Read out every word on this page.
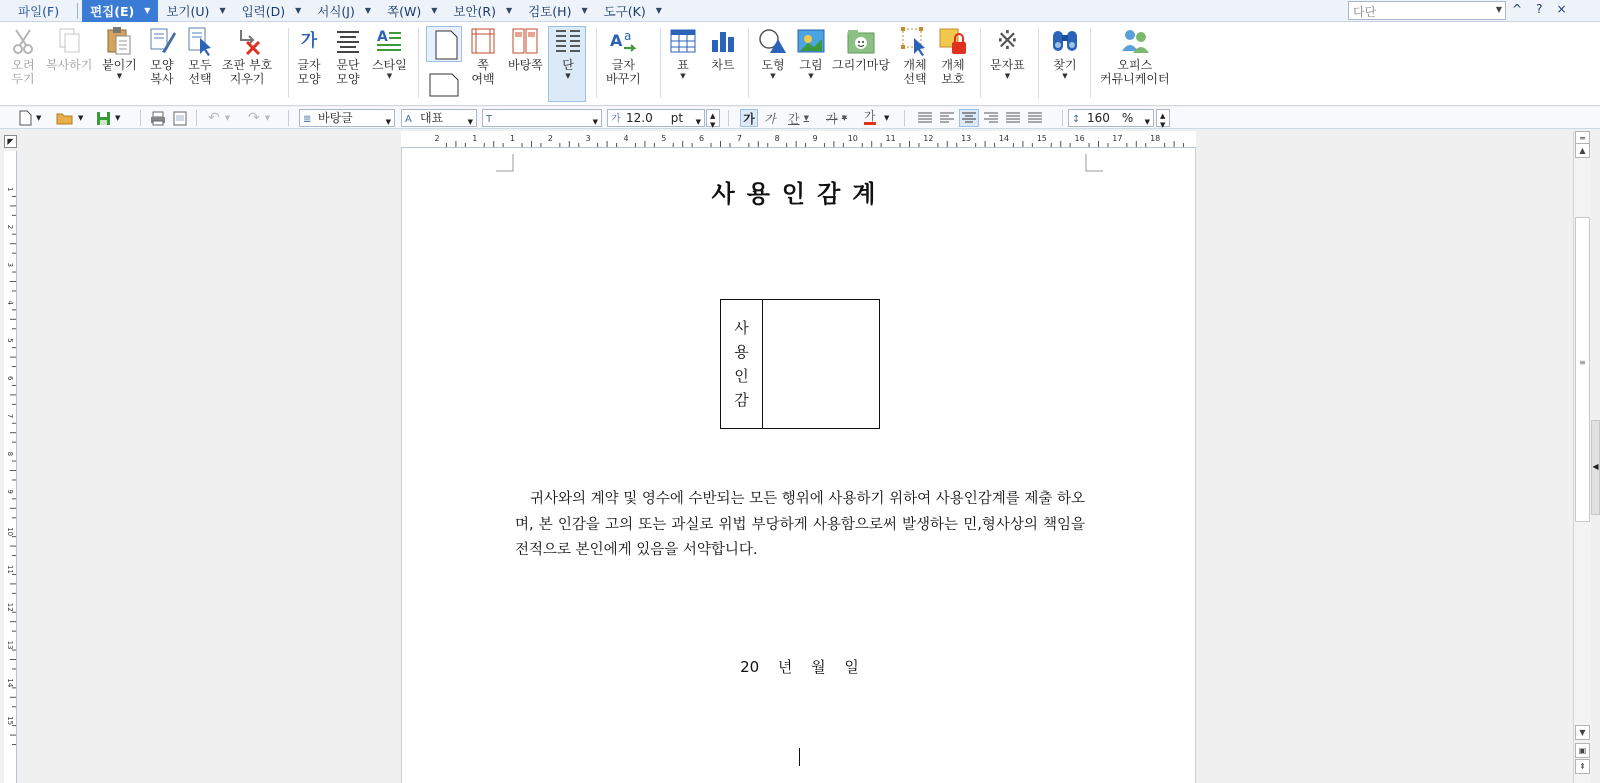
파일(F) 편집(E) ▼ 보기(U) ▼ 입력(D) ▼ 서식(J) ▼ 쪽(W) ▼ 보안(R) ▼ 검토(H) ▼ 도구(K) ▼	다단	▼ ^ ? ×
오려
두기
복사하기 붙이기
▼
모양
복사
모두
선택
조판 부호
지우기
가
글자
모양
문단
모양
A
스타일
▼
쪽
여백
바탕쪽 단
▼
A a
글자
바꾸기
표
▼
차트 도형
▼
그림
▼
그리기마당 개체
선택
개체
보호
※
문자표
▼
찾기
▼
오피스
커뮤니케이터
▼	▼	▼	↶ ▼ ↷ ▼	≣ 바탕글	▼ A 대표	▼ T	▼ 가 12.0 pt ▼
▲
▼ 가 가 간 ▼ 가 ▼ 가 ▼	↕ 160 % ▼
▲
▼
◤	2	1	1	2	3	4	5	6	7	8	9	10	11	12	13	14	15	16	17	18
1
2
3
4
5
6
7
8
9
10
11
12
13
14
15
사용인감계
사
용
인
감
귀사와의 계약 및 영수에 수반되는 모든 행위에 사용하기 위하여 사용인감계를 제출 하오며, 본 인감을 고의 또는 과실로 위법 부당하게 사용함으로써 발생하는 민,형사상의 책임을 전적으로 본인에게 있음을 서약합니다.
20 년 월 일
═
▲
≡
▼
▣
⇞
◀
